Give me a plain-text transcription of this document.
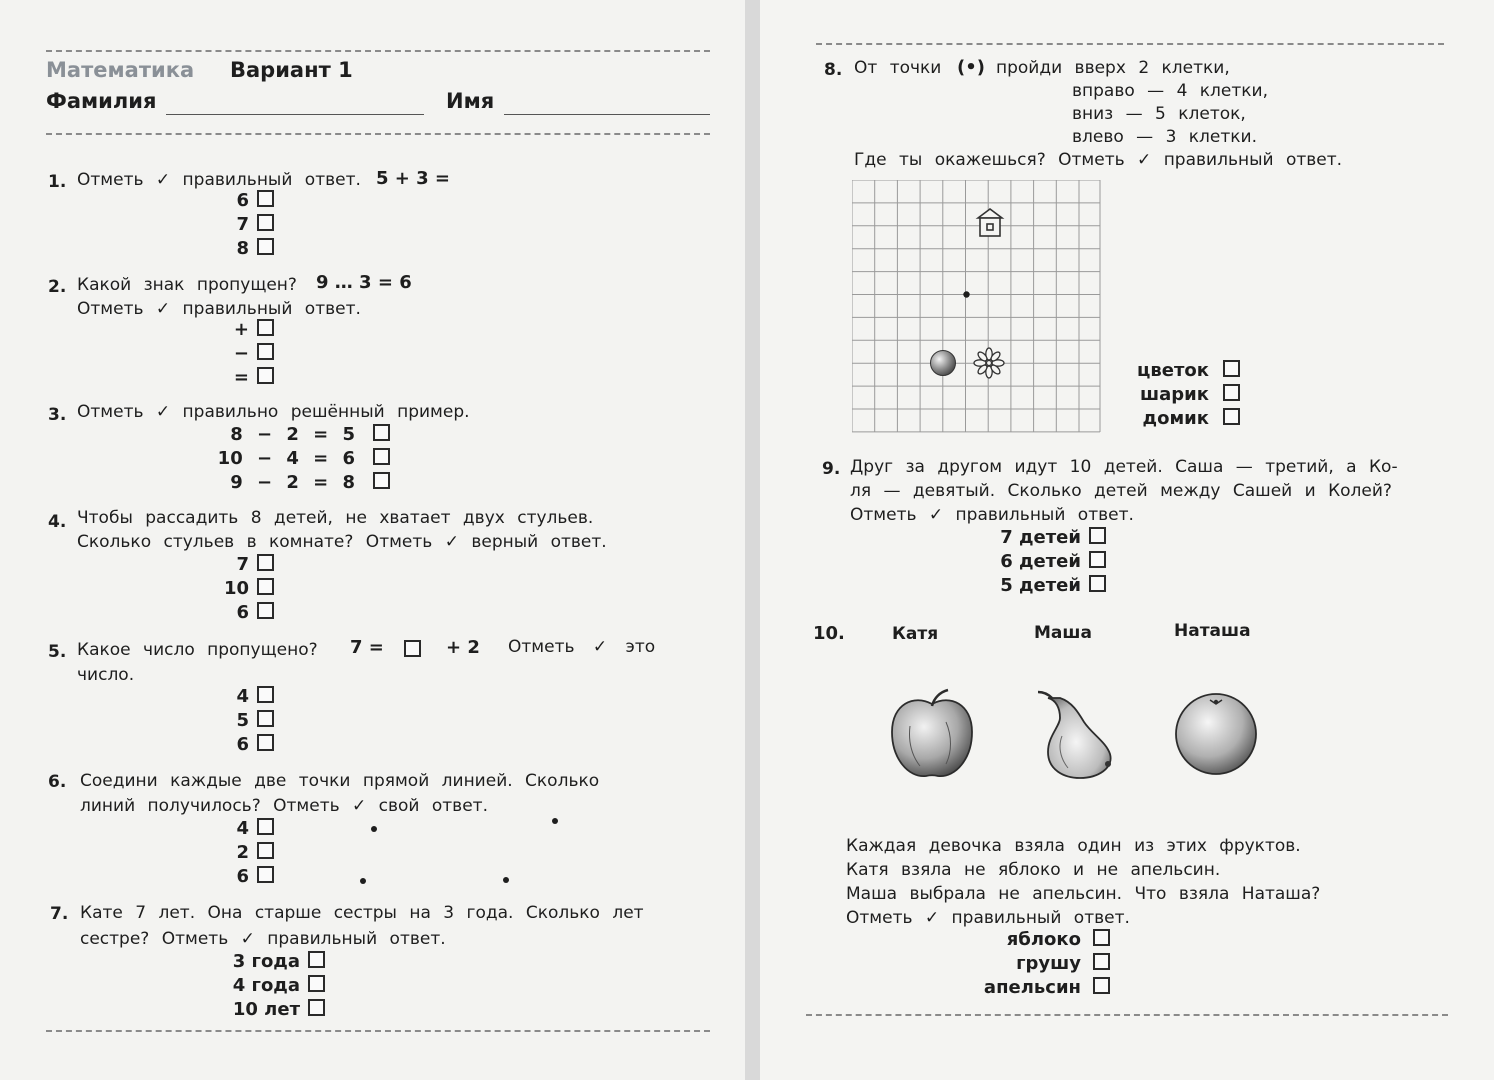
Математика Вариант 1
Фамилия	Имя
1. Отметь ✓ правильный ответ. 5 + 3 =
6
7
8
2. Какой знак пропущен? 9 … 3 = 6
Отметь ✓ правильный ответ.
+
−
=
3. Отметь ✓ правильно решённый пример.
8 − 2 = 5
10 − 4 = 6
9 − 2 = 8
4. Чтобы рассадить 8 детей, не хватает двух стульев.
Сколько стульев в комнате? Отметь ✓ верный ответ.
7
10
6
5. Какое число пропущено? 7 =	+ 2 Отметь ✓ это
число.
4
5
6
6. Соедини каждые две точки прямой линией. Сколько
линий получилось? Отметь ✓ свой ответ.
4
2
6
7. Кате 7 лет. Она старше сестры на 3 года. Сколько лет
сестре? Отметь ✓ правильный ответ.
3 года
4 года
10 лет
8. От точки (•) пройди вверх 2 клетки,
вправо — 4 клетки,
вниз — 5 клеток,
влево — 3 клетки.
Где ты окажешься? Отметь ✓ правильный ответ.
цветок
шарик
домик
9. Друг за другом идут 10 детей. Саша — третий, а Ко-
ля — девятый. Сколько детей между Сашей и Колей?
Отметь ✓ правильный ответ.
7 детей
6 детей
5 детей
10.	Катя	Маша	Наташа
Каждая девочка взяла один из этих фруктов.
Катя взяла не яблоко и не апельсин.
Маша выбрала не апельсин. Что взяла Наташа?
Отметь ✓ правильный ответ.
яблоко
грушу
апельсин
